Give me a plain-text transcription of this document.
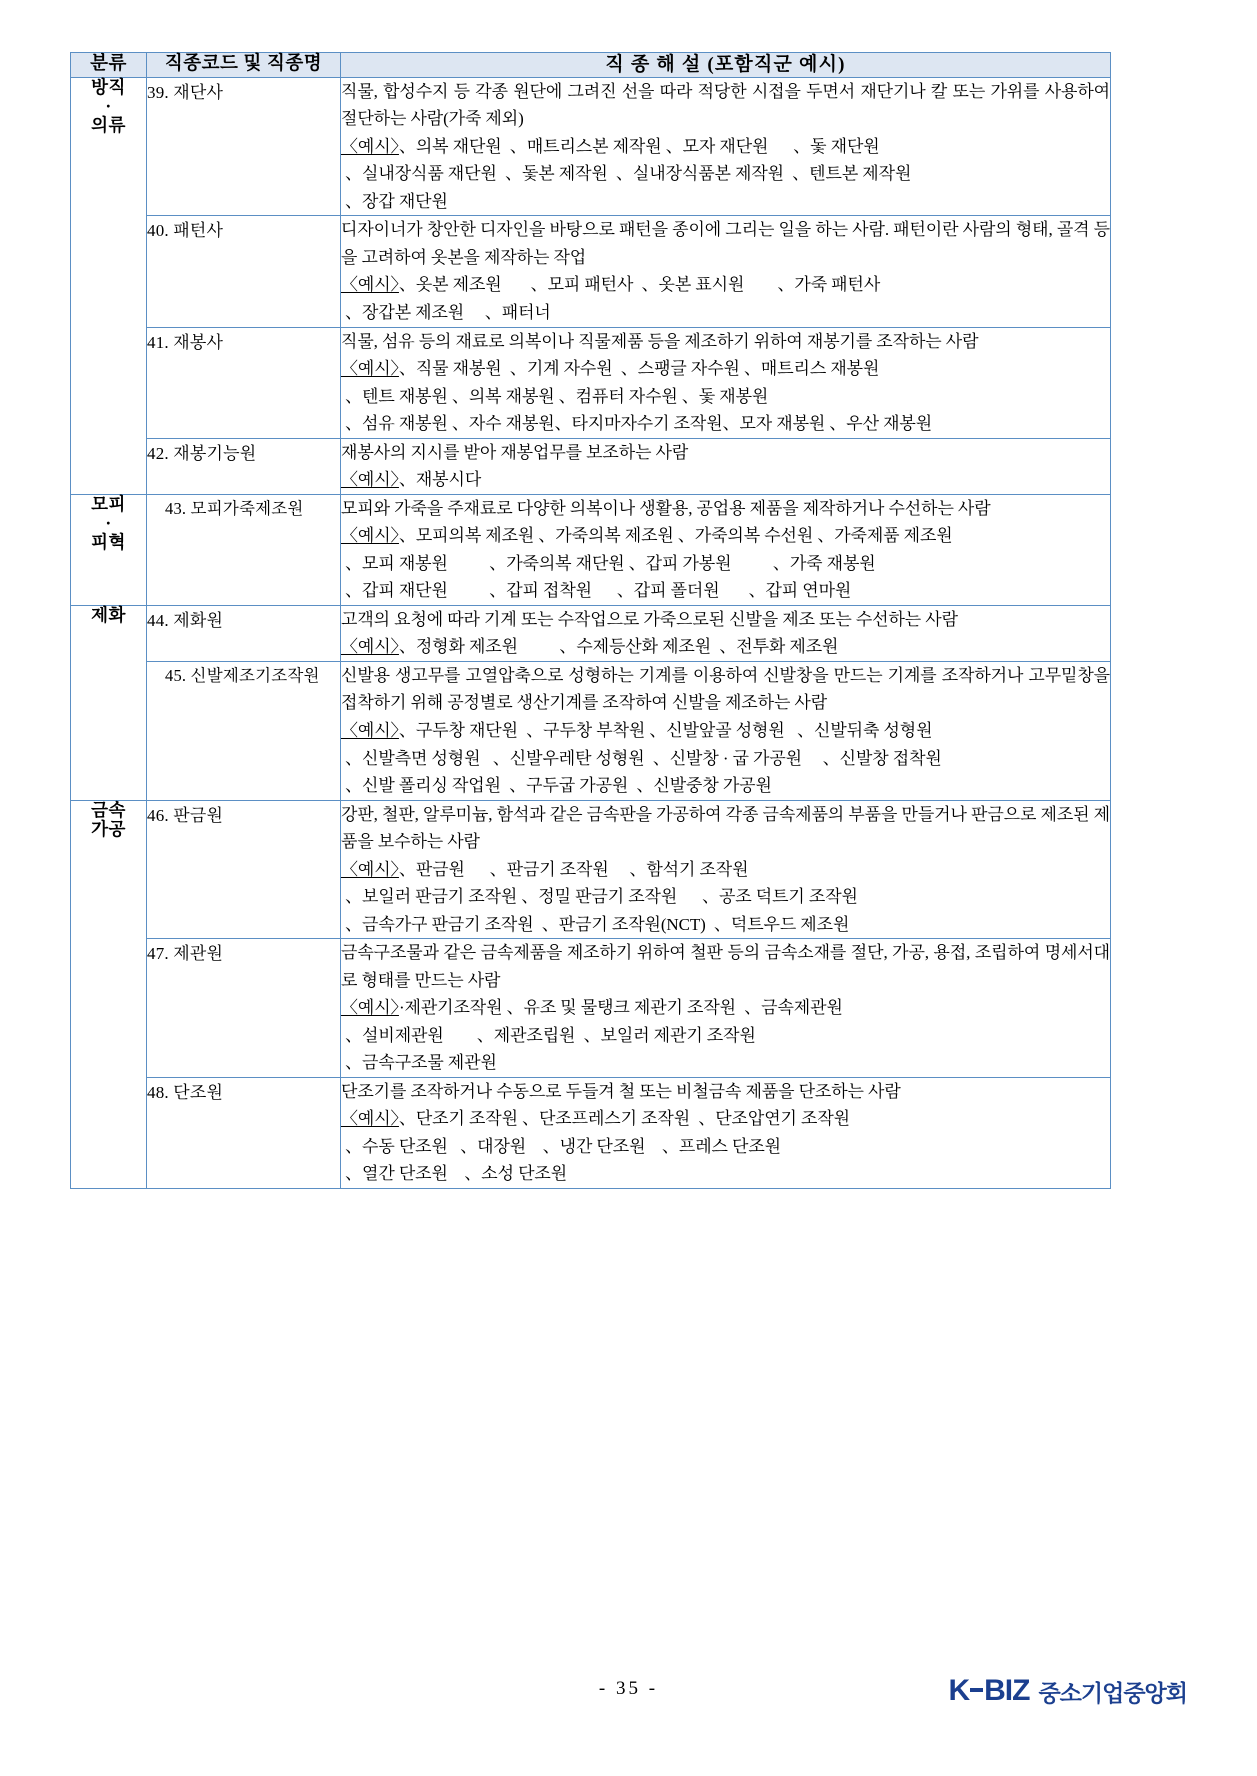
분류	직종코드 및 직종명	직 종 해 설 (포함직군 예시)

방직
·
의류
	39. 재단사	직물, 합성수지 등 각종 원단에 그려진 선을 따라 적당한 시접을 두면서 재단기나 칼 또는 가위를 사용하여 절단하는 사람(가죽 제외)
〈예시〉、의복 재단원  、매트리스본 제작원 、모자 재단원      、돛 재단원
、실내장식품 재단원  、돛본 제작원  、실내장식품본 제작원  、텐트본 제작원
、장갑 재단원

	40. 패턴사	디자이너가 창안한 디자인을 바탕으로 패턴을 종이에 그리는 일을 하는 사람. 패턴이란 사람의 형태, 골격 등을 고려하여 옷본을 제작하는 작업
〈예시〉、옷본 제조원       、모피 패턴사  、옷본 표시원        、가죽 패턴사
、장갑본 제조원     、패터너

	41. 재봉사	직물, 섬유 등의 재료로 의복이나 직물제품 등을 제조하기 위하여 재봉기를 조작하는 사람
〈예시〉、직물 재봉원  、기계 자수원  、스팽글 자수원 、매트리스 재봉원
、텐트 재봉원 、의복 재봉원 、컴퓨터 자수원 、돛 재봉원
、섬유 재봉원 、자수 재봉원、타지마자수기 조작원、모자 재봉원 、우산 재봉원

	42. 재봉기능원	재봉사의 지시를 받아 재봉업무를 보조하는 사람
〈예시〉、재봉시다

모피
·
피혁
	43. 모피가죽제조원	모피와 가죽을 주재료로 다양한 의복이나 생활용, 공업용 제품을 제작하거나 수선하는 사람
〈예시〉、모피의복 제조원 、가죽의복 제조원 、가죽의복 수선원 、가죽제품 제조원
、모피 재봉원          、가죽의복 재단원 、갑피 가봉원          、가죽 재봉원
、갑피 재단원          、갑피 접착원      、갑피 폴더원       、갑피 연마원

제화	44. 제화원	고객의 요청에 따라 기계 또는 수작업으로 가죽으로된 신발을 제조 또는 수선하는 사람
〈예시〉、정형화 제조원          、수제등산화 제조원  、전투화 제조원

	45. 신발제조기조작원	신발용 생고무를 고열압축으로 성형하는 기계를 이용하여 신발창을 만드는 기계를 조작하거나 고무밑창을 접착하기 위해 공정별로 생산기계를 조작하여 신발을 제조하는 사람
〈예시〉、구두창 재단원  、구두창 부착원 、신발앞골 성형원   、신발뒤축 성형원
、신발측면 성형원   、신발우레탄 성형원  、신발창 · 굽 가공원     、신발창 접착원
、신발 폴리싱 작업원  、구두굽 가공원  、신발중창 가공원

금속
가공
	46. 판금원	강판, 철판, 알루미늄, 함석과 같은 금속판을 가공하여 각종 금속제품의 부품을 만들거나 판금으로 제조된 제품을 보수하는 사람
〈예시〉、판금원      、판금기 조작원     、함석기 조작원
、보일러 판금기 조작원 、정밀 판금기 조작원      、공조 덕트기 조작원
、금속가구 판금기 조작원  、판금기 조작원(NCT)  、덕트우드 제조원

	47. 제관원	금속구조물과 같은 금속제품을 제조하기 위하여 철판 등의 금속소재를 절단, 가공, 용접, 조립하여 명세서대로 형태를 만드는 사람
〈예시〉·제관기조작원 、유조 및 물탱크 제관기 조작원  、금속제관원
、설비제관원        、제관조립원  、보일러 제관기 조작원
、금속구조물 제관원

	48. 단조원	단조기를 조작하거나 수동으로 두들겨 철 또는 비철금속 제품을 단조하는 사람
〈예시〉、단조기 조작원 、단조프레스기 조작원  、단조압연기 조작원
、수동 단조원   、대장원    、냉간 단조원    、프레스 단조원
、열간 단조원    、소성 단조원
- 35 -	K BIZ 중소기업중앙회
